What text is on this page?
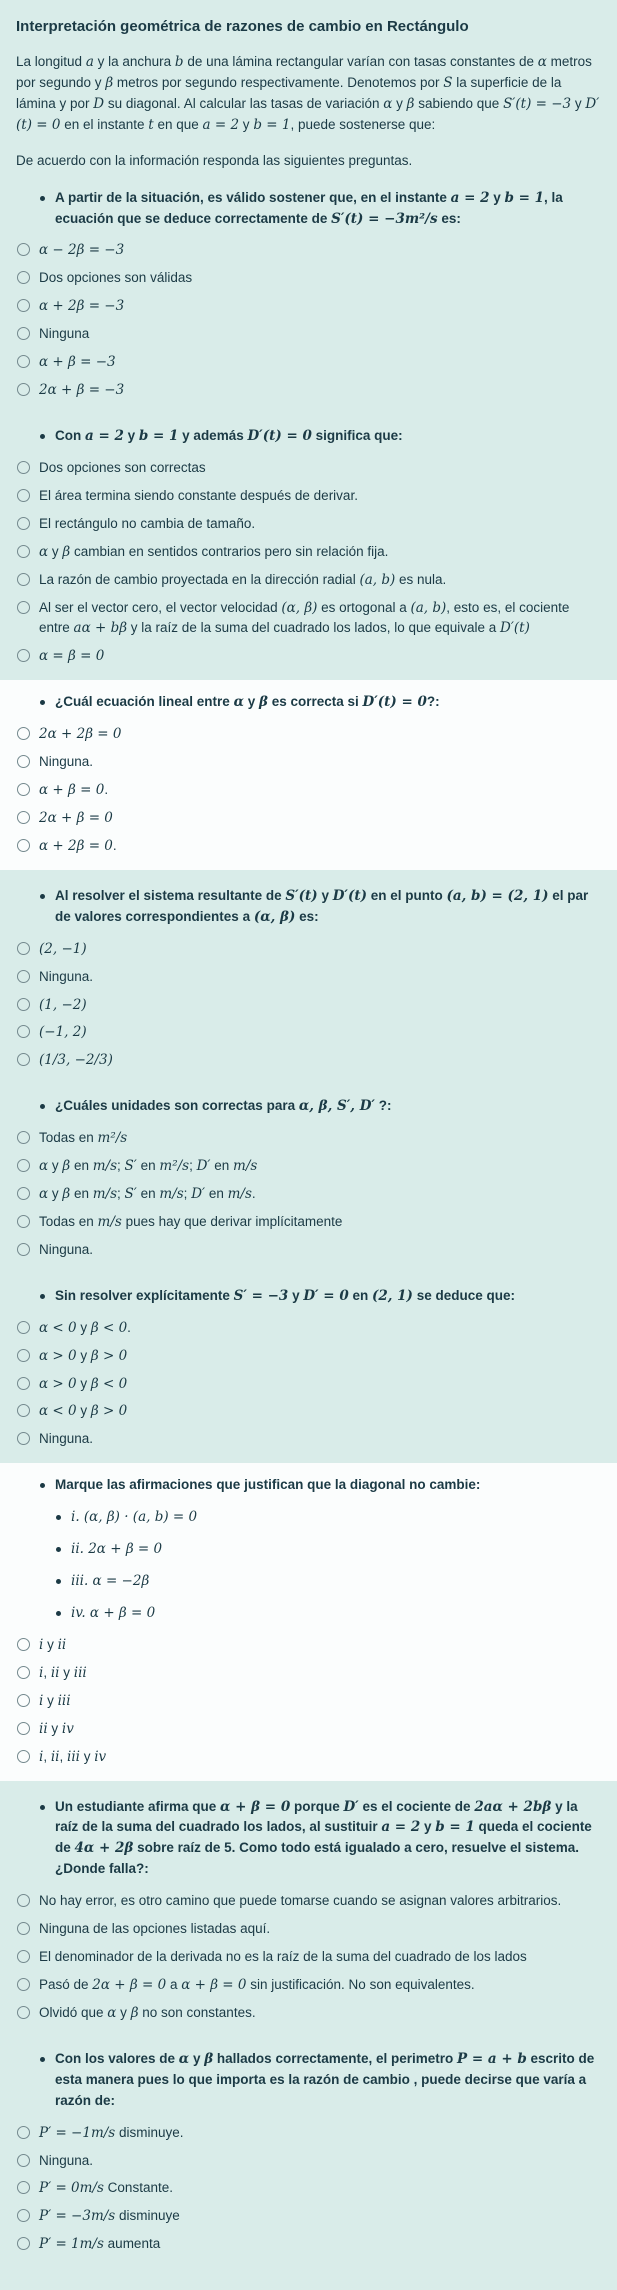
Interpretación geométrica de razones de cambio en Rectángulo

La longitud a y la anchura b de una lámina rectangular varían con tasas constantes de α metros por segundo y β metros por segundo respectivamente. Denotemos por S la superficie de la lámina y por D su diagonal. Al calcular las tasas de variación α y β sabiendo que S′(t) = −3 y D′(t) = 0 en el instante t en que a = 2 y b = 1, puede sostenerse que:

De acuerdo con la información responda las siguientes preguntas.

A partir de la situación, es válido sostener que, en el instante a = 2 y b = 1, la ecuación que se deduce correctamente de S′(t) = −3m²/s es:
α − 2β = −3
Dos opciones son válidas
α + 2β = −3
Ninguna
α + β = −3
2α + β = −3
Con a = 2 y b = 1 y además D′(t) = 0 significa que:
Dos opciones son correctas
El área termina siendo constante después de derivar.
El rectángulo no cambia de tamaño.
α y β cambian en sentidos contrarios pero sin relación fija.
La razón de cambio proyectada en la dirección radial (a, b) es nula.
Al ser el vector cero, el vector velocidad (α, β) es ortogonal a (a, b), esto es, el cociente entre aα + bβ y la raíz de la suma del cuadrado los lados, lo que equivale a D′(t)
α = β = 0
¿Cuál ecuación lineal entre α y β es correcta si D′(t) = 0?:
2α + 2β = 0
Ninguna.
α + β = 0.
2α + β = 0
α + 2β = 0.
Al resolver el sistema resultante de S′(t) y D′(t) en el punto (a, b) = (2, 1) el par de valores correspondientes a (α, β) es:
(2, −1)
Ninguna.
(1, −2)
(−1, 2)
(1/3, −2/3)
¿Cuáles unidades son correctas para α, β, S′, D′ ?:
Todas en m²/s
α y β en m/s; S′ en m²/s; D′ en m/s
α y β en m/s; S′ en m/s; D′ en m/s.
Todas en m/s pues hay que derivar implícitamente
Ninguna.
Sin resolver explícitamente S′ = −3 y D′ = 0 en (2, 1) se deduce que:
α < 0 y β < 0.
α > 0 y β > 0
α > 0 y β < 0
α < 0 y β > 0
Ninguna.
Marque las afirmaciones que justifican que la diagonal no cambie:
i. (α, β) · (a, b) = 0
ii. 2α + β = 0
iii. α = −2β
iv. α + β = 0
i y ii
i, ii y iii
i y iii
ii y iv
i, ii, iii y iv
Un estudiante afirma que α + β = 0 porque D′ es el cociente de 2aα + 2bβ y la raíz de la suma del cuadrado los lados, al sustituir a = 2 y b = 1 queda el cociente de 4α + 2β sobre raíz de 5. Como todo está igualado a cero, resuelve el sistema. ¿Donde falla?:
No hay error, es otro camino que puede tomarse cuando se asignan valores arbitrarios.
Ninguna de las opciones listadas aquí.
El denominador de la derivada no es la raíz de la suma del cuadrado de los lados
Pasó de 2α + β = 0 a α + β = 0 sin justificación. No son equivalentes.
Olvidó que α y β no son constantes.
Con los valores de α y β hallados correctamente, el perimetro P = a + b escrito de esta manera pues lo que importa es la razón de cambio , puede decirse que varía a razón de:
P′ = −1m/s disminuye.
Ninguna.
P′ = 0m/s Constante.
P′ = −3m/s disminuye
P′ = 1m/s aumenta
